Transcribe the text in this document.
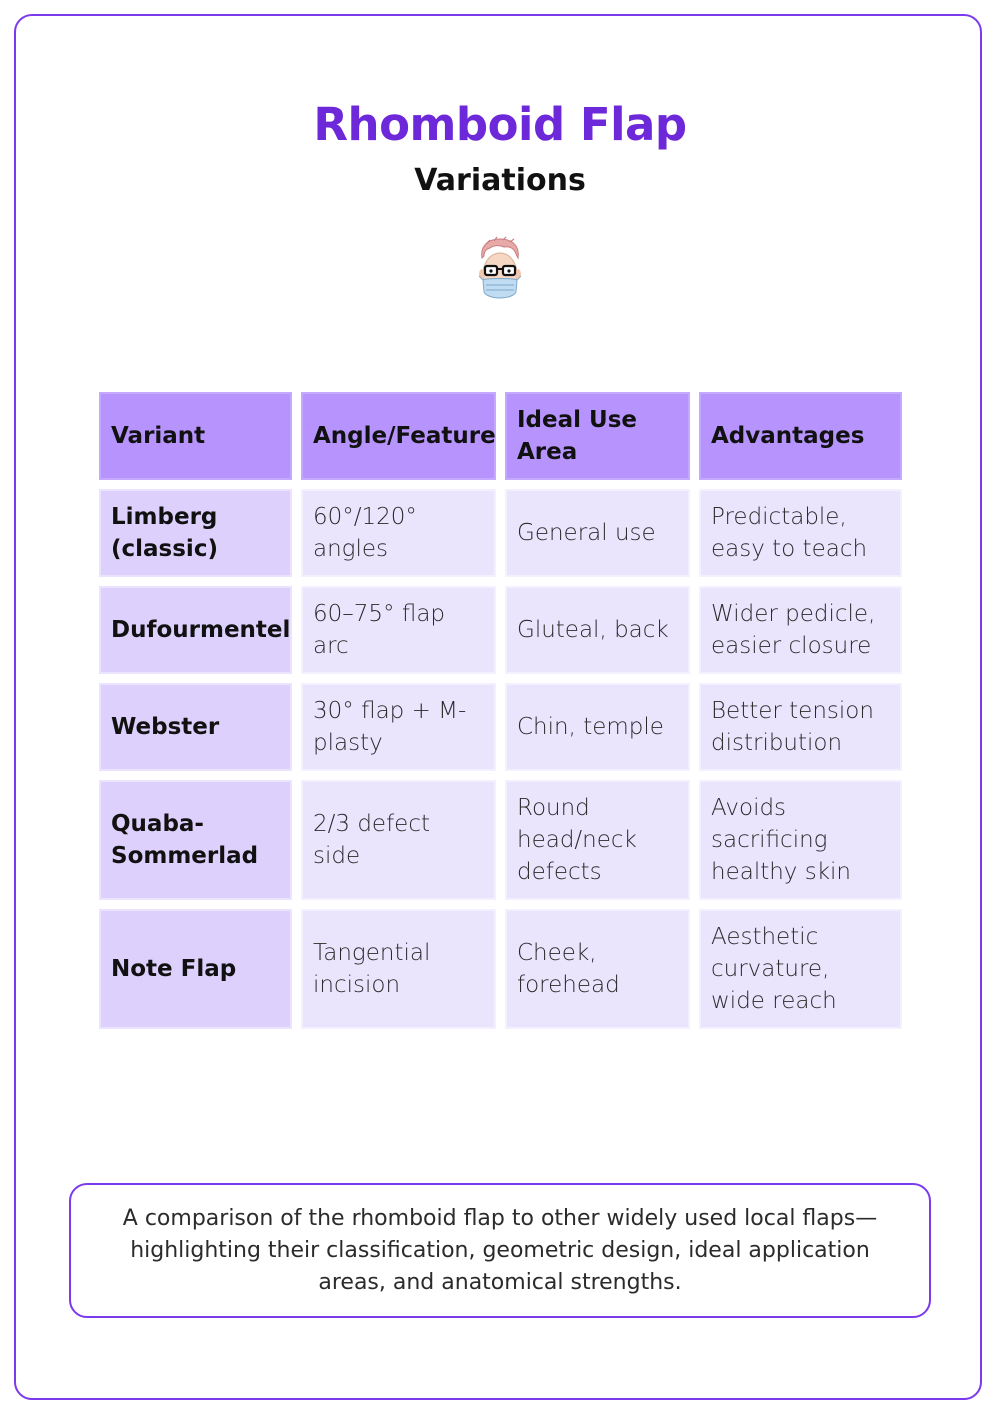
Rhomboid Flap
Variations
Variant	Angle/Feature
Ideal Use Area
Advantages
Limberg (classic)
60°/120° angles
General use
Predictable, easy to teach
Dufourmentel
60–75° flap arc
Gluteal, back
Wider pedicle, easier closure
Webster
30° flap + M-plasty
Chin, temple
Better tension distribution
Quaba-Sommerlad
2/3 defect side
Round head/neck defects
Avoids sacrificing healthy skin
Note Flap
Tangential incision
Cheek, forehead
Aesthetic curvature, wide reach
A comparison of the rhomboid flap to other widely used local flaps—highlighting their classification, geometric design, ideal application areas, and anatomical strengths.
